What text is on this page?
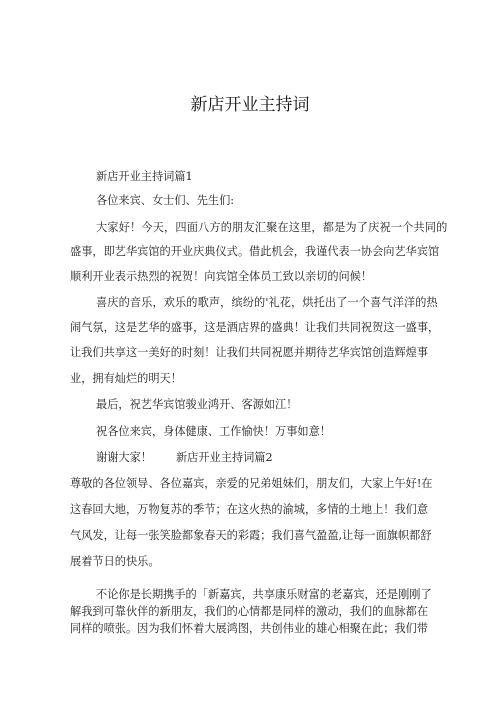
新店开业主持词
新店开业主持词篇1
各位来宾、女士们、先生们:
大家好！今天，四面八方的朋友汇聚在这里，都是为了庆祝一个共同的
盛事，即艺华宾馆的开业庆典仪式。借此机会，我谨代表一协会向艺华宾馆
顺利开业表示热烈的祝贺！向宾馆全体员工致以亲切的问候！
喜庆的音乐，欢乐的歌声，缤纷的'礼花，烘托出了一个喜气洋洋的热
闹气氛，这是艺华的盛事，这是酒店界的盛典！让我们共同祝贺这一盛事，
让我们共享这一美好的时刻！让我们共同祝愿并期待艺华宾馆创造辉煌事
业，拥有灿烂的明天！
最后，祝艺华宾馆骏业鸿开、客源如江！
祝各位来宾，身体健康、工作愉快！万事如意！
谢谢大家！ 新店开业主持词篇2
尊敬的各位领导、各位嘉宾，亲爱的兄弟姐妹们，朋友们，大家上午好!在
这春回大地，万物复苏的季节；在这火热的渝城，多情的土地上！我们意
气风发，让每一张笑脸都象春天的彩霞；我们喜气盈盈,让每一面旗帜都舒
展着节日的快乐。
不论你是长期携手的「新嘉宾，共享康乐财富的老嘉宾，还是刚刚了
解我到可靠伙伴的新朋友，我们的心情都是同样的激动，我们的血脉都在
同样的喷张。因为我们怀着大展鸿图，共创伟业的雄心相聚在此；我们带
